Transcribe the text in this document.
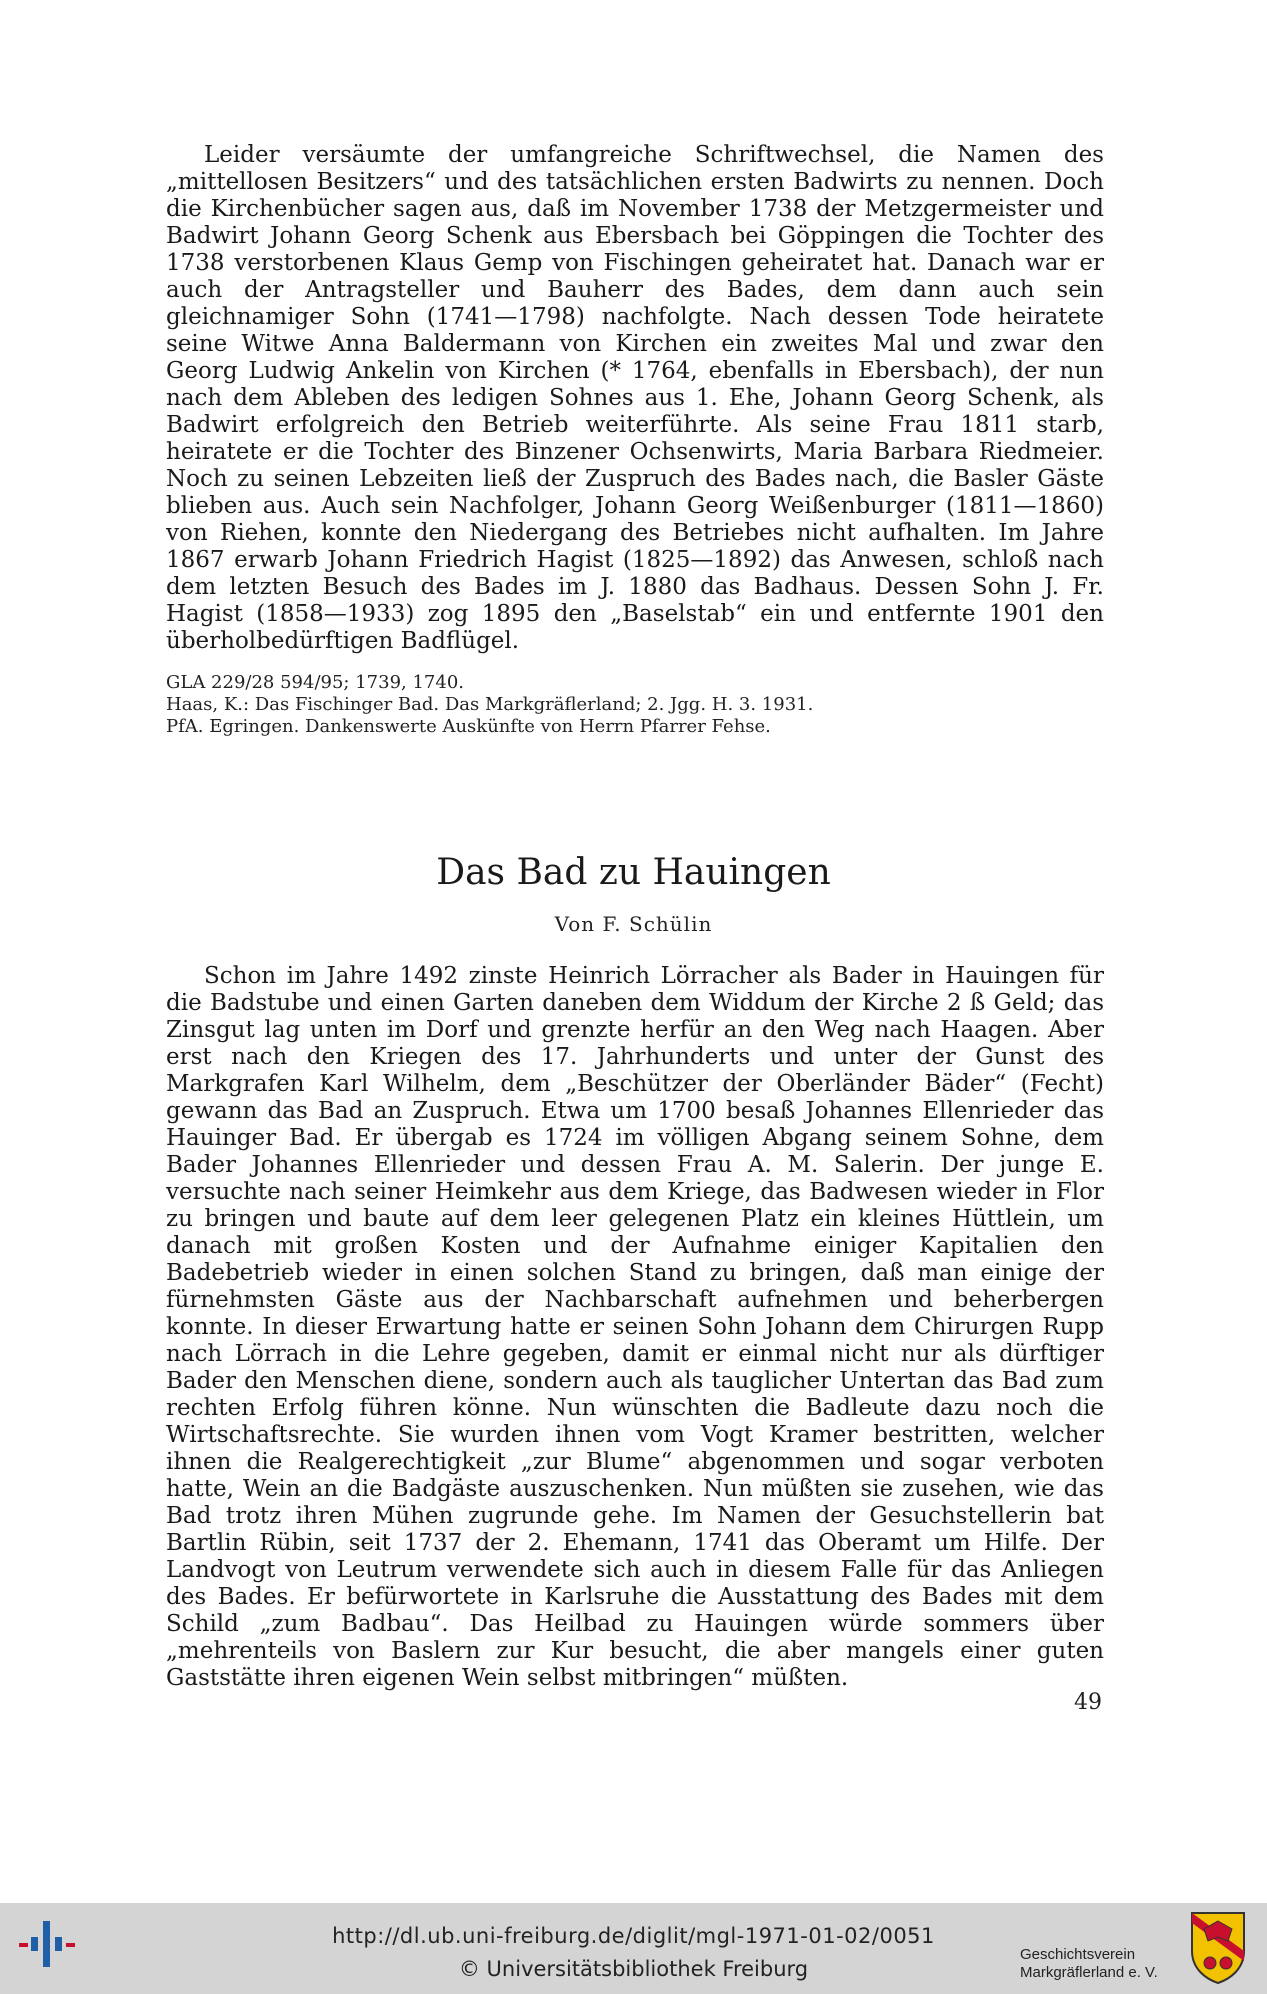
Leider versäumte der umfangreiche Schriftwechsel, die Namen des „mittellosen Besitzers“ und des tatsächlichen ersten Badwirts zu nennen. Doch die Kirchenbücher sagen aus, daß im November 1738 der Metzgermeister und Badwirt Johann Georg Schenk aus Ebersbach bei Göppingen die Tochter des 1738 verstorbenen Klaus Gemp von Fischingen geheiratet hat. Danach war er auch der Antragsteller und Bauherr des Bades, dem dann auch sein gleichnamiger Sohn (1741—1798) nachfolgte. Nach dessen Tode heiratete seine Witwe Anna Baldermann von Kirchen ein zweites Mal und zwar den Georg Ludwig Ankelin von Kirchen (* 1764, ebenfalls in Ebersbach), der nun nach dem Ableben des ledigen Sohnes aus 1. Ehe, Johann Georg Schenk, als Badwirt erfolgreich den Betrieb weiterführte. Als seine Frau 1811 starb, heiratete er die Tochter des Binzener Ochsenwirts, Maria Barbara Riedmeier. Noch zu seinen Lebzeiten ließ der Zuspruch des Bades nach, die Basler Gäste blieben aus. Auch sein Nachfolger, Johann Georg Weißenburger (1811—1860) von Riehen, konnte den Niedergang des Betriebes nicht aufhalten. Im Jahre 1867 erwarb Johann Friedrich Hagist (1825—1892) das Anwesen, schloß nach dem letzten Besuch des Bades im J. 1880 das Badhaus. Dessen Sohn J. Fr. Hagist (1858—1933) zog 1895 den „Baselstab“ ein und entfernte 1901 den überholbedürftigen Badflügel.

GLA 229/28 594/95; 1739, 1740.
Haas, K.: Das Fischinger Bad. Das Markgräflerland; 2. Jgg. H. 3. 1931.
PfA. Egringen. Dankenswerte Auskünfte von Herrn Pfarrer Fehse.
Das Bad zu Hauingen
Von F. Schülin

Schon im Jahre 1492 zinste Heinrich Lörracher als Bader in Hauingen für die Badstube und einen Garten daneben dem Widdum der Kirche 2 ß Geld; das Zinsgut lag unten im Dorf und grenzte herfür an den Weg nach Haagen. Aber erst nach den Kriegen des 17. Jahrhunderts und unter der Gunst des Markgrafen Karl Wilhelm, dem „Beschützer der Oberländer Bäder“ (Fecht) gewann das Bad an Zuspruch. Etwa um 1700 besaß Johannes Ellenrieder das Hauinger Bad. Er übergab es 1724 im völligen Abgang seinem Sohne, dem Bader Johannes Ellenrieder und dessen Frau A. M. Salerin. Der junge E. versuchte nach seiner Heimkehr aus dem Kriege, das Badwesen wieder in Flor zu bringen und baute auf dem leer gelegenen Platz ein kleines Hüttlein, um danach mit großen Kosten und der Aufnahme einiger Kapitalien den Badebetrieb wieder in einen solchen Stand zu bringen, daß man einige der fürnehmsten Gäste aus der Nachbarschaft aufnehmen und beherbergen konnte. In dieser Erwartung hatte er seinen Sohn Johann dem Chirurgen Rupp nach Lörrach in die Lehre gegeben, damit er einmal nicht nur als dürftiger Bader den Menschen diene, sondern auch als tauglicher Untertan das Bad zum rechten Erfolg führen könne. Nun wünschten die Badleute dazu noch die Wirtschaftsrechte. Sie wurden ihnen vom Vogt Kramer bestritten, welcher ihnen die Realgerechtigkeit „zur Blume“ abgenommen und sogar verboten hatte, Wein an die Badgäste auszuschenken. Nun müßten sie zusehen, wie das Bad trotz ihren Mühen zugrunde gehe. Im Namen der Gesuchstellerin bat Bartlin Rübin, seit 1737 der 2. Ehemann, 1741 das Oberamt um Hilfe. Der Landvogt von Leutrum verwendete sich auch in diesem Falle für das Anliegen des Bades. Er befürwortete in Karlsruhe die Ausstattung des Bades mit dem Schild „zum Badbau“. Das Heilbad zu Hauingen würde sommers über „mehrenteils von Baslern zur Kur besucht, die aber mangels einer guten Gaststätte ihren eigenen Wein selbst mitbringen“ müßten.

49
http://dl.ub.uni-freiburg.de/diglit/mgl-1971-01-02/0051
© Universitätsbibliothek Freiburg
Geschichtsverein
Markgräflerland e. V.
